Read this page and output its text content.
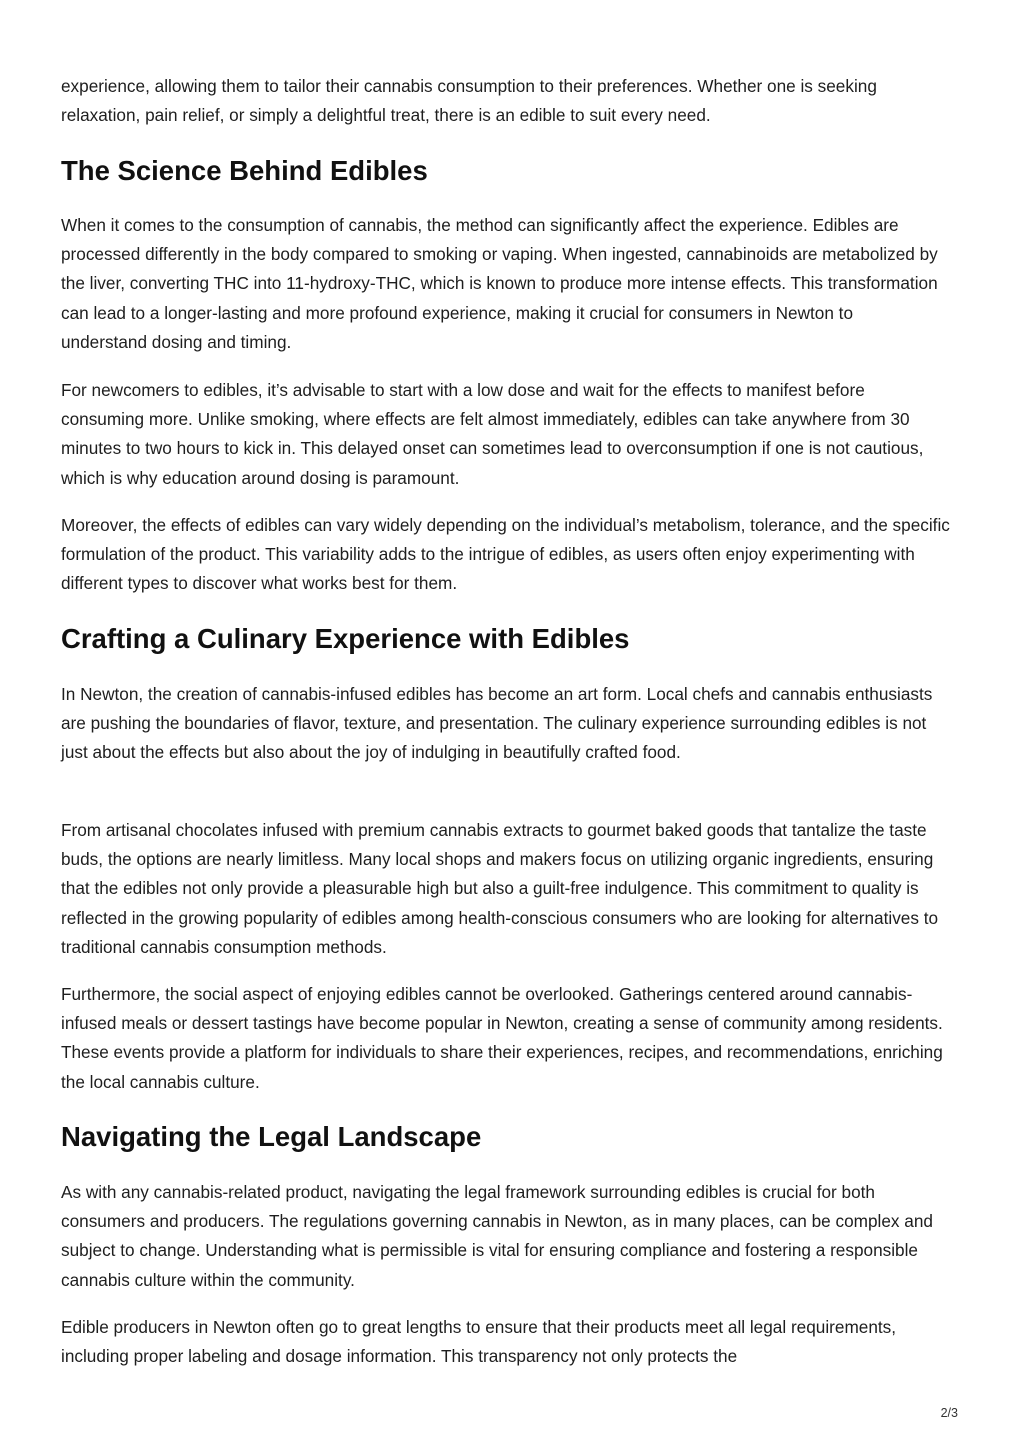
experience, allowing them to tailor their cannabis consumption to their preferences. Whether one is seeking relaxation, pain relief, or simply a delightful treat, there is an edible to suit every need.

The Science Behind Edibles

When it comes to the consumption of cannabis, the method can significantly affect the experience. Edibles are processed differently in the body compared to smoking or vaping. When ingested, cannabinoids are metabolized by the liver, converting THC into 11-hydroxy-THC, which is known to produce more intense effects. This transformation can lead to a longer-lasting and more profound experience, making it crucial for consumers in Newton to understand dosing and timing.

For newcomers to edibles, it’s advisable to start with a low dose and wait for the effects to manifest before consuming more. Unlike smoking, where effects are felt almost immediately, edibles can take anywhere from 30 minutes to two hours to kick in. This delayed onset can sometimes lead to overconsumption if one is not cautious, which is why education around dosing is paramount.

Moreover, the effects of edibles can vary widely depending on the individual’s metabolism, tolerance, and the specific formulation of the product. This variability adds to the intrigue of edibles, as users often enjoy experimenting with different types to discover what works best for them.

Crafting a Culinary Experience with Edibles

In Newton, the creation of cannabis-infused edibles has become an art form. Local chefs and cannabis enthusiasts are pushing the boundaries of flavor, texture, and presentation. The culinary experience surrounding edibles is not just about the effects but also about the joy of indulging in beautifully crafted food.

From artisanal chocolates infused with premium cannabis extracts to gourmet baked goods that tantalize the taste buds, the options are nearly limitless. Many local shops and makers focus on utilizing organic ingredients, ensuring that the edibles not only provide a pleasurable high but also a guilt-free indulgence. This commitment to quality is reflected in the growing popularity of edibles among health-conscious consumers who are looking for alternatives to traditional cannabis consumption methods.

Furthermore, the social aspect of enjoying edibles cannot be overlooked. Gatherings centered around cannabis-infused meals or dessert tastings have become popular in Newton, creating a sense of community among residents. These events provide a platform for individuals to share their experiences, recipes, and recommendations, enriching the local cannabis culture.

Navigating the Legal Landscape

As with any cannabis-related product, navigating the legal framework surrounding edibles is crucial for both consumers and producers. The regulations governing cannabis in Newton, as in many places, can be complex and subject to change. Understanding what is permissible is vital for ensuring compliance and fostering a responsible cannabis culture within the community.

Edible producers in Newton often go to great lengths to ensure that their products meet all legal requirements, including proper labeling and dosage information. This transparency not only protects the

2/3
